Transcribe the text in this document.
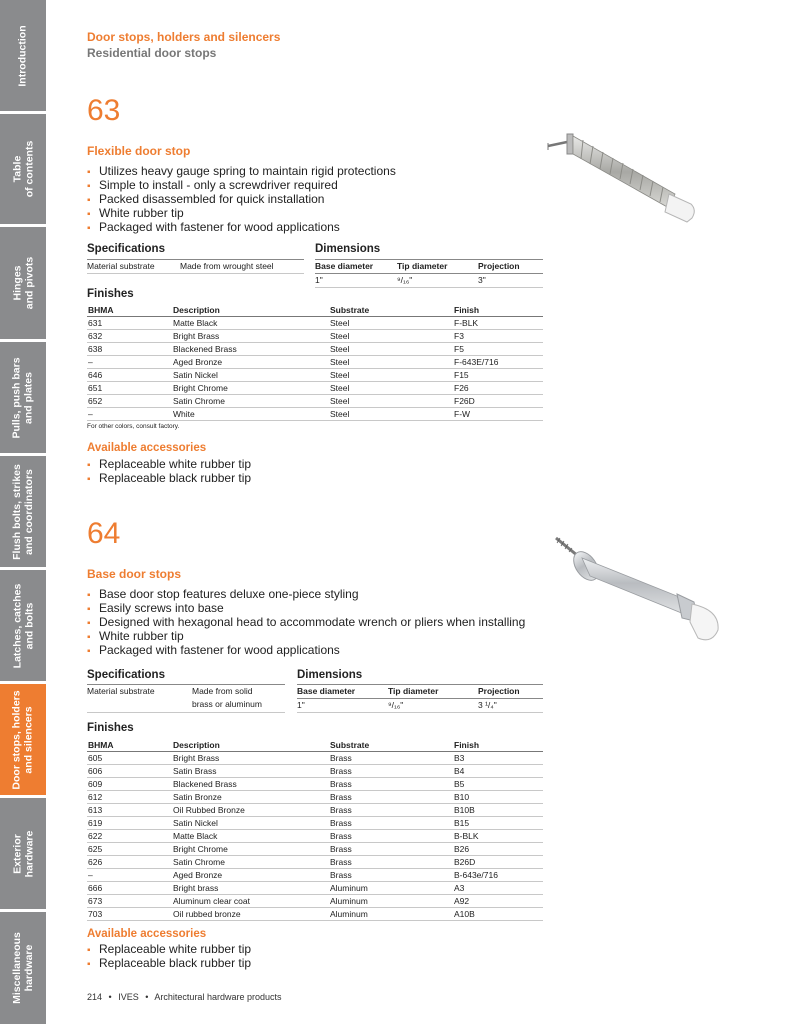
Introduction
Table
of contents
Hinges
and pivots
Pulls, push bars
and plates
Flush bolts, strikes
and coordinators
Latches, catches
and bolts
Door stops, holders
and silencers
Exterior
hardware
Miscellaneous
hardware
Door stops, holders and silencers
Residential door stops
63
Flexible door stop
▪ Utilizes heavy gauge spring to maintain rigid protections
▪ Simple to install - only a screwdriver required
▪ Packed disassembled for quick installation
▪ White rubber tip
▪ Packaged with fastener for wood applications
Specifications
Material substrate	Made from wrought steel
Dimensions
Base diameter	Tip diameter	Projection
1"	⁹/₁₆"	3"
Finishes
BHMA	Description	Substrate	Finish
631	Matte Black	Steel	F-BLK
632	Bright Brass	Steel	F3
638	Blackened Brass	Steel	F5
–	Aged Bronze	Steel	F-643E/716
646	Satin Nickel	Steel	F15
651	Bright Chrome	Steel	F26
652	Satin Chrome	Steel	F26D
–	White	Steel	F-W
For other colors, consult factory.
Available accessories
▪ Replaceable white rubber tip
▪ Replaceable black rubber tip
64
Base door stops
▪ Base door stop features deluxe one-piece styling
▪ Easily screws into base
▪ Designed with hexagonal head to accommodate wrench or pliers when installing
▪ White rubber tip
▪ Packaged with fastener for wood applications
Specifications
Material substrate	Made from solid
brass or aluminum
Dimensions
Base diameter	Tip diameter	Projection
1"	⁹/₁₆"	3 ¹/₄"
Finishes
BHMA	Description	Substrate	Finish
605	Bright Brass	Brass	B3
606	Satin Brass	Brass	B4
609	Blackened Brass	Brass	B5
612	Satin Bronze	Brass	B10
613	Oil Rubbed Bronze	Brass	B10B
619	Satin Nickel	Brass	B15
622	Matte Black	Brass	B-BLK
625	Bright Chrome	Brass	B26
626	Satin Chrome	Brass	B26D
–	Aged Bronze	Brass	B-643e/716
666	Bright brass	Aluminum	A3
673	Aluminum clear coat	Aluminum	A92
703	Oil rubbed bronze	Aluminum	A10B
Available accessories
▪ Replaceable white rubber tip
▪ Replaceable black rubber tip
214 • IVES • Architectural hardware products
